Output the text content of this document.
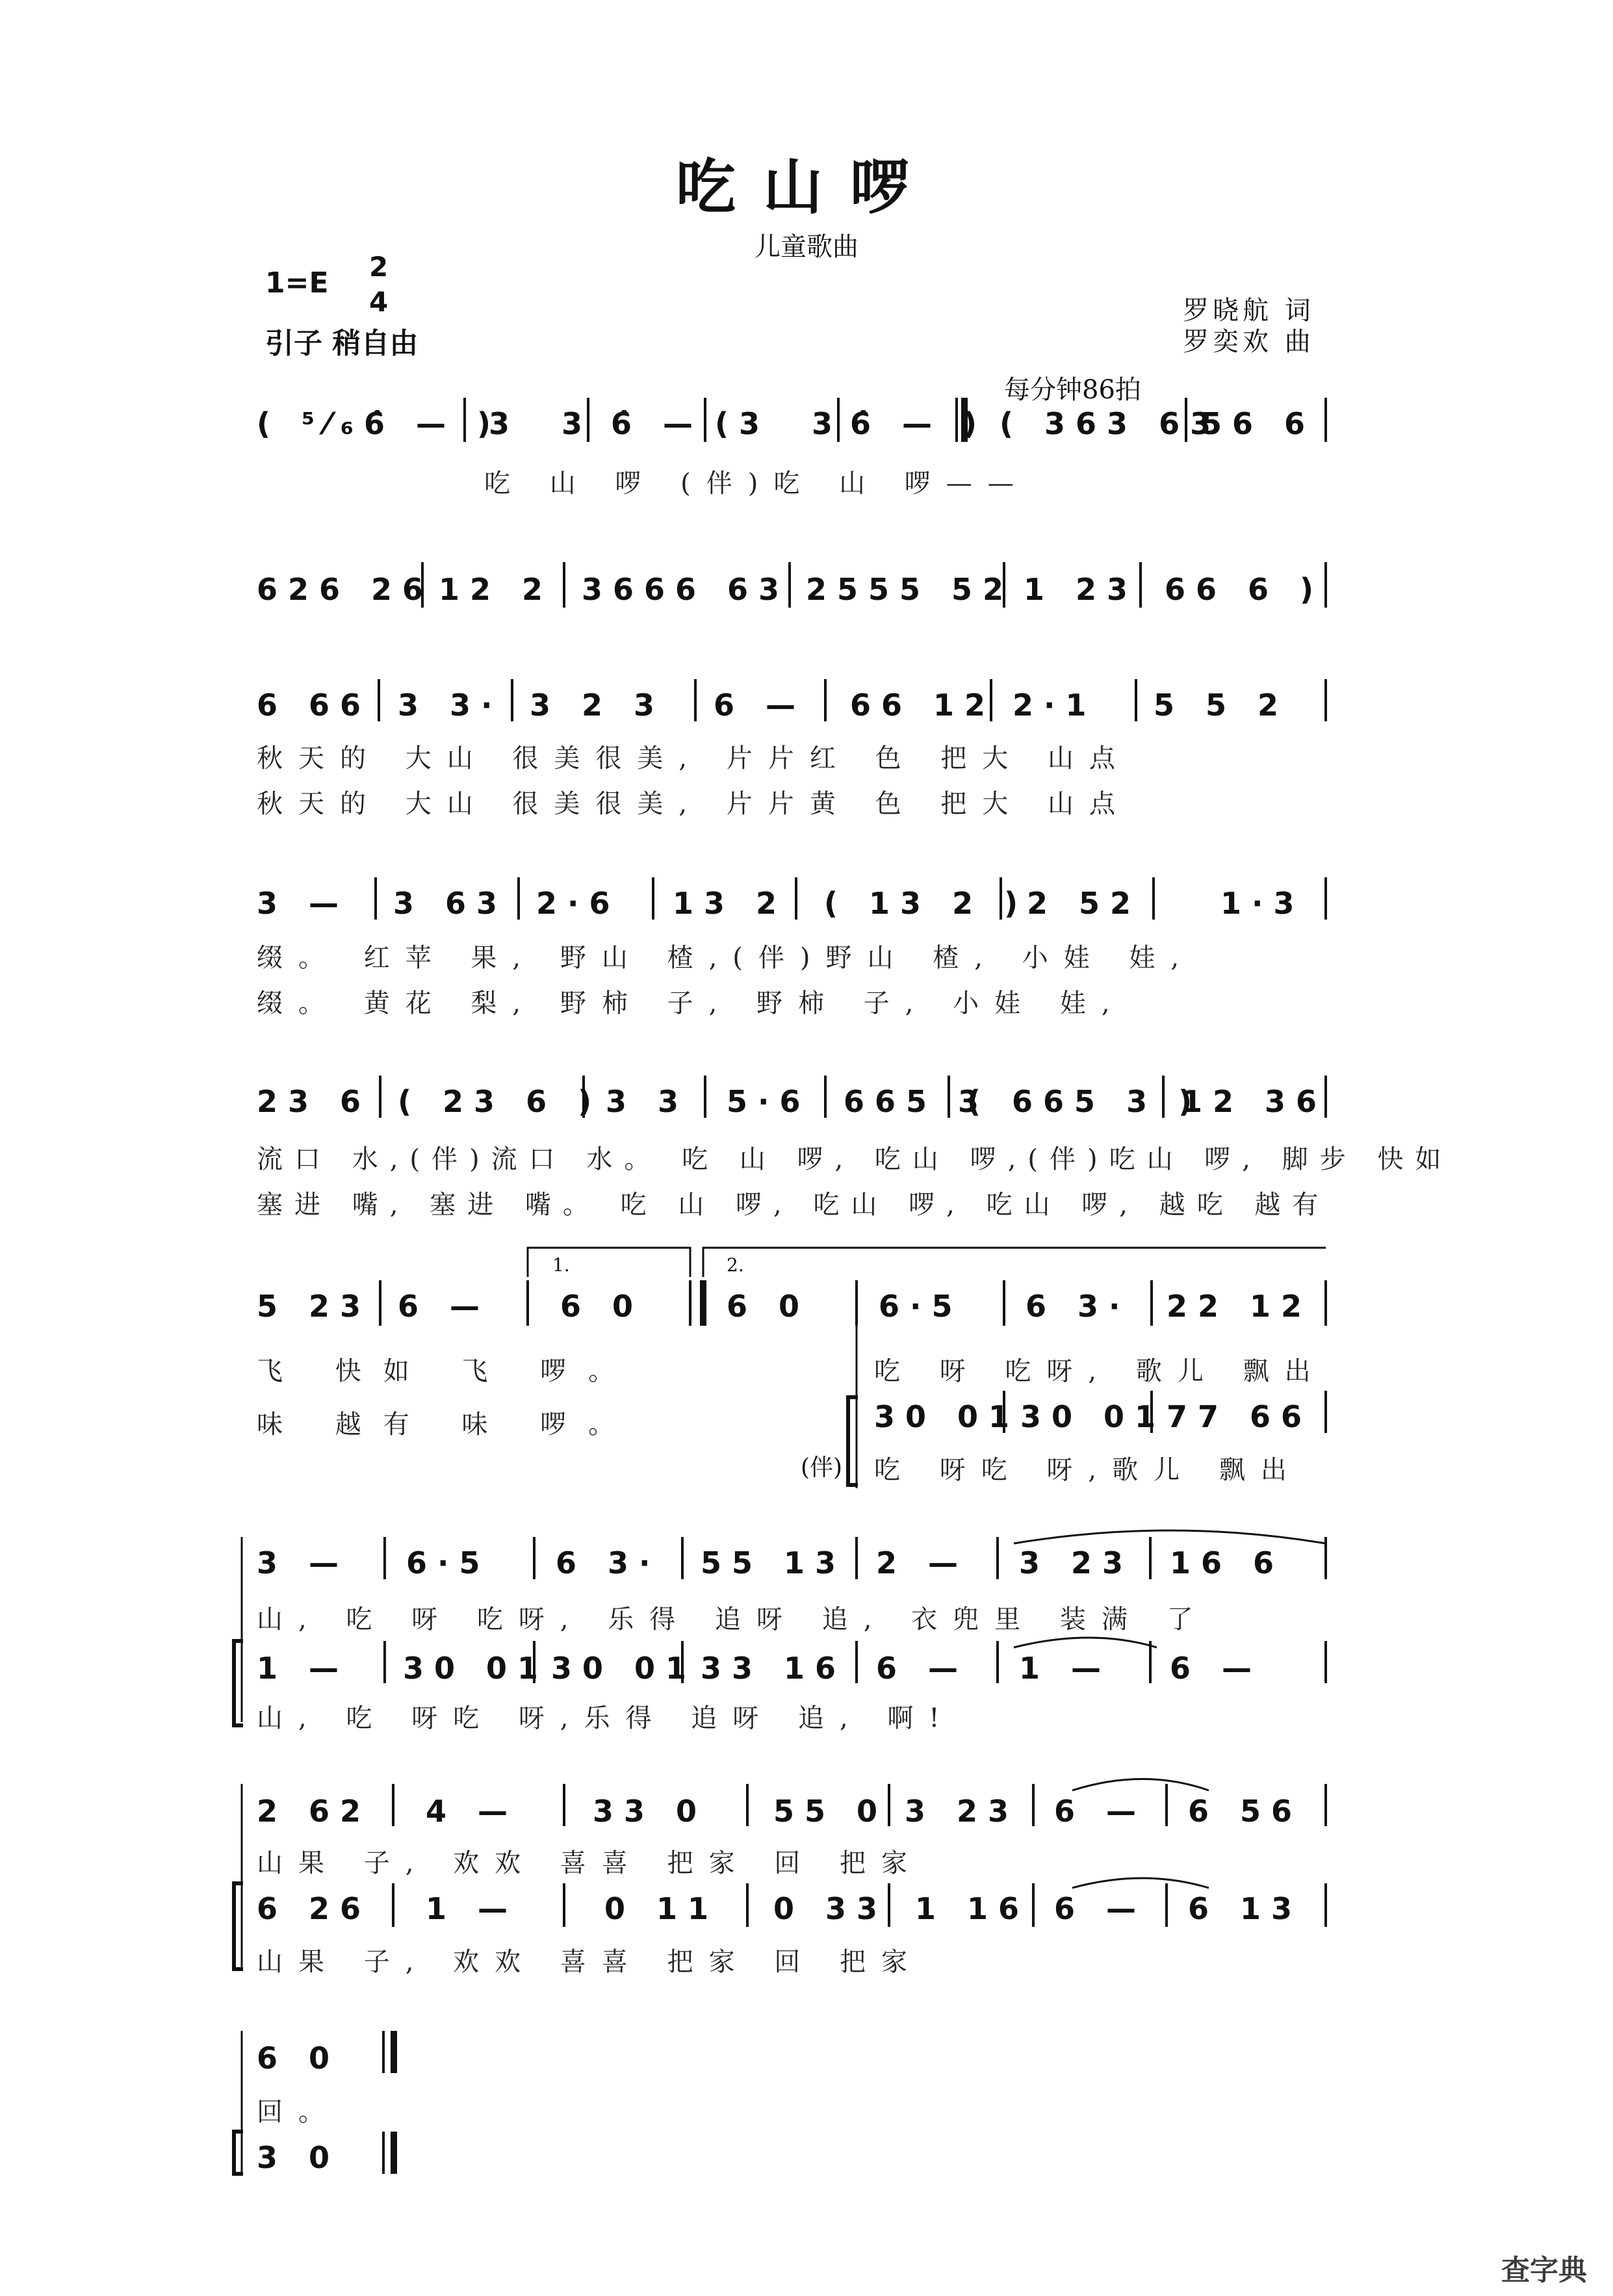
吃山啰
儿童歌曲
1=E 2
4
引子 稍自由
罗晓航 词
罗奕欢 曲
每分钟86拍
( ⁵⁄₆6̂ — )
3  3 6̂ — (3  3 6̂ — ) ( 363 63
56 6
吃 山 啰 (伴)吃 山 啰——
626 26 12 2 3666 63 2555 52 1 23 66 6 )
6 66 3 3· 3 2 3 6 — 66 12 2·1 5 5 2
秋天的 大山 很美很美, 片片红 色 把大 山点
秋天的 大山 很美很美, 片片黄 色 把大 山点
3 — 3 63 2·6 13 2 ( 13 2 )
2 52	1·3
缀。 红苹 果, 野山 楂,(伴)野山 楂, 小娃 娃,
缀。 黄花 梨, 野柿 子, 野柿 子, 小娃 娃,
23 6 ( 23 6 ) 3 3 5·6 665 3
( 665 3 )
12 36
流口 水,(伴)流口 水。 吃 山 啰, 吃山 啰,(伴)吃山 啰, 脚步 快如
塞进 嘴, 塞进 嘴。 吃 山 啰, 吃山 啰, 吃山 啰, 越吃 越有
1.	2.
5 23 6 — 6 0	6 0 6·5 6 3· 22 12
飞 快如 飞 啰。
味 越有 味 啰。
吃 呀 吃呀, 歌儿 飘出
30 01 30 01 77 66
(伴) 吃 呀吃 呀,歌儿 飘出
3 — 6·5 6 3· 55 13 2 — 3 23 16 6
山, 吃 呀 吃呀, 乐得 追呀 追, 衣兜里 装满 了
1 — 30 01 30 01 33 16 6 — 1 — 6 —
山, 吃 呀吃 呀,乐得 追呀 追, 啊!
2 62 4 — 33 0 55 0 3 23 6 — 6 56
山果 子, 欢欢 喜喜 把家 回 把家
6 26 1 —	0 11 0 33 1 16 6 — 6 13
山果 子, 欢欢 喜喜 把家 回 把家
6 0
回。
3 0
查字典
